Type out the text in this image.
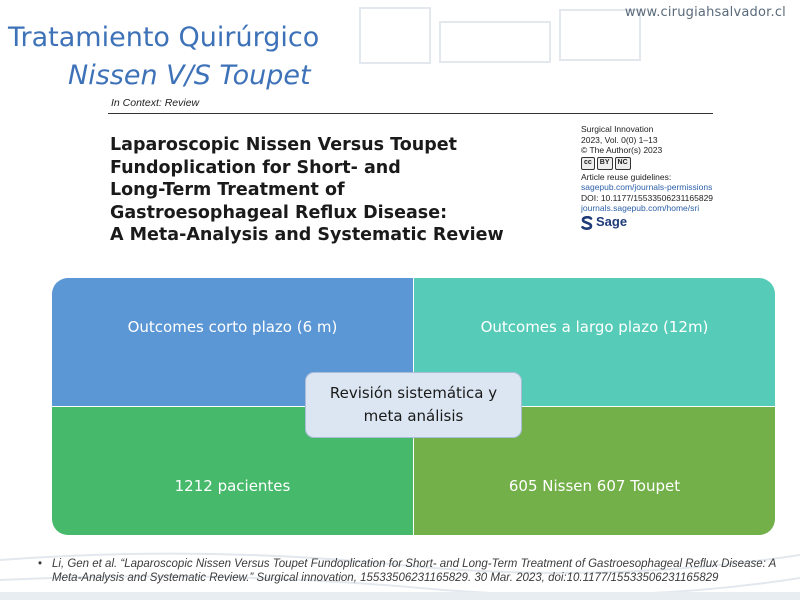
www.cirugiahsalvador.cl
Tratamiento Quirúrgico
Nissen V/S Toupet
In Context: Review
Laparoscopic Nissen Versus Toupet
Fundoplication for Short- and
Long-Term Treatment of
Gastroesophageal Reflux Disease:
A Meta-Analysis and Systematic Review
Surgical Innovation
2023, Vol. 0(0) 1–13
© The Author(s) 2023
cc	BY	NC
Article reuse guidelines:
sagepub.com/journals-permissions
DOI: 10.1177/15533506231165829
journals.sagepub.com/home/sri
Sage
Outcomes corto plazo (6 m)	Outcomes a largo plazo (12m)
1212 pacientes	605 Nissen 607 Toupet
Revisión sistemática y
meta análisis
• Li, Gen et al. “Laparoscopic Nissen Versus Toupet Fundoplication for Short- and Long-Term Treatment of Gastroesophageal Reflux Disease: A Meta-Analysis and Systematic Review.” Surgical innovation, 15533506231165829. 30 Mar. 2023, doi:10.1177/15533506231165829
